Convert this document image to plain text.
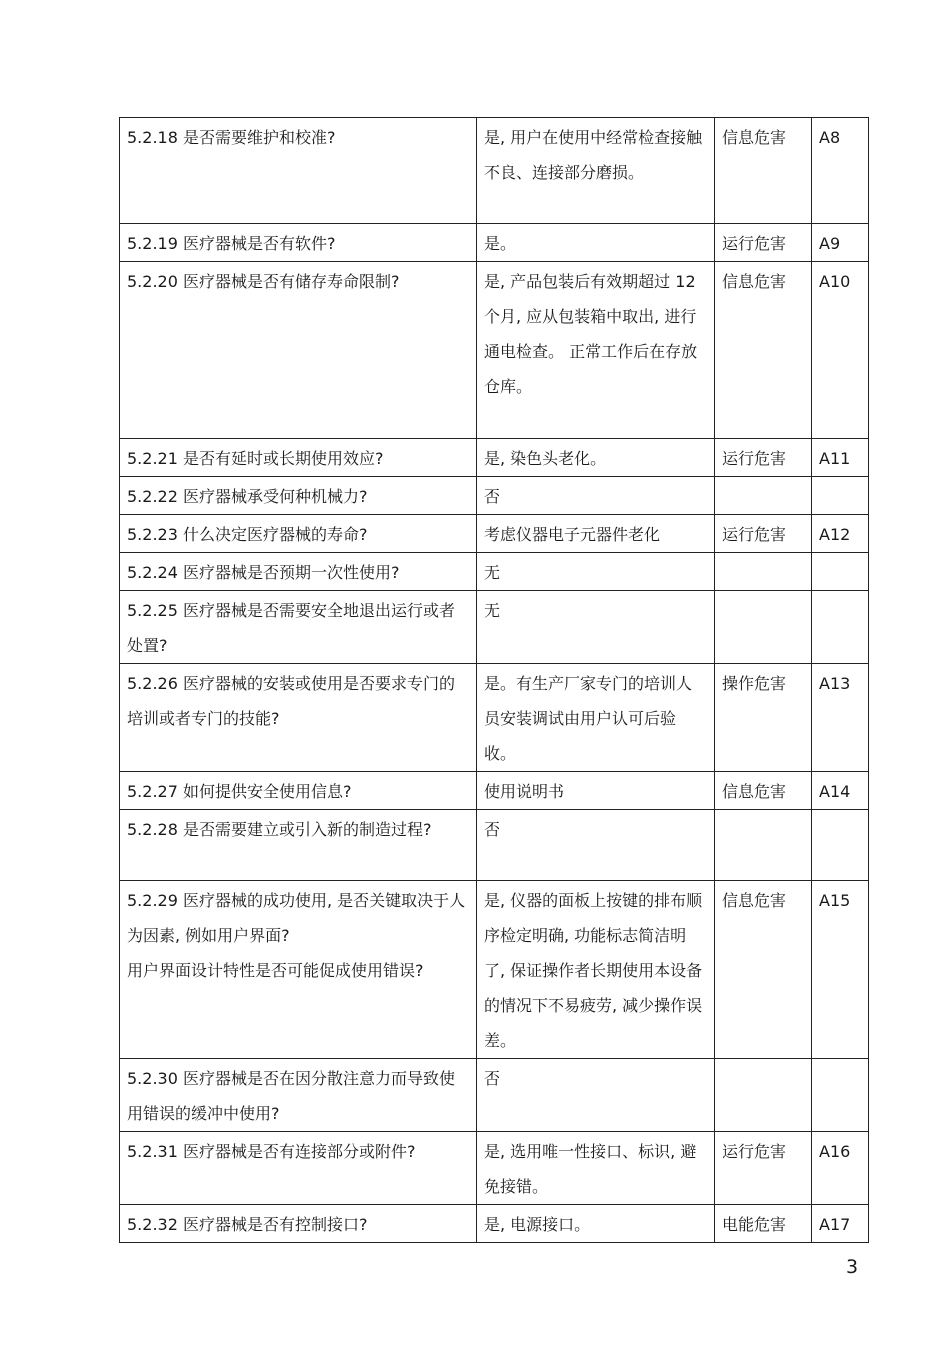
5.2.18 是否需要维护和校准?	是, 用户在使用中经常检查接触不良、连接部分磨损。	信息危害	A8
5.2.19 医疗器械是否有软件?	是。	运行危害	A9
5.2.20 医疗器械是否有储存寿命限制?	是, 产品包装后有效期超过 12 个月, 应从包装箱中取出, 进行通电检查。 正常工作后在存放仓库。	信息危害	A10
5.2.21 是否有延时或长期使用效应?	是, 染色头老化。	运行危害	A11
5.2.22 医疗器械承受何种机械力?	否		
5.2.23 什么决定医疗器械的寿命?	考虑仪器电子元器件老化	运行危害	A12
5.2.24 医疗器械是否预期一次性使用?	无		
5.2.25 医疗器械是否需要安全地退出运行或者处置?	无		
5.2.26 医疗器械的安装或使用是否要求专门的培训或者专门的技能?	是。有生产厂家专门的培训人员安装调试由用户认可后验收。	操作危害	A13
5.2.27 如何提供安全使用信息?	使用说明书	信息危害	A14
5.2.28 是否需要建立或引入新的制造过程?	否		
5.2.29 医疗器械的成功使用, 是否关键取决于人为因素, 例如用户界面?
用户界面设计特性是否可能促成使用错误?	是, 仪器的面板上按键的排布顺序检定明确, 功能标志简洁明了, 保证操作者长期使用本设备的情况下不易疲劳, 减少操作误差。	信息危害	A15
5.2.30 医疗器械是否在因分散注意力而导致使用错误的缓冲中使用?	否		
5.2.31 医疗器械是否有连接部分或附件?	是, 选用唯一性接口、标识, 避免接错。	运行危害	A16
5.2.32 医疗器械是否有控制接口?	是, 电源接口。	电能危害	A17
3
